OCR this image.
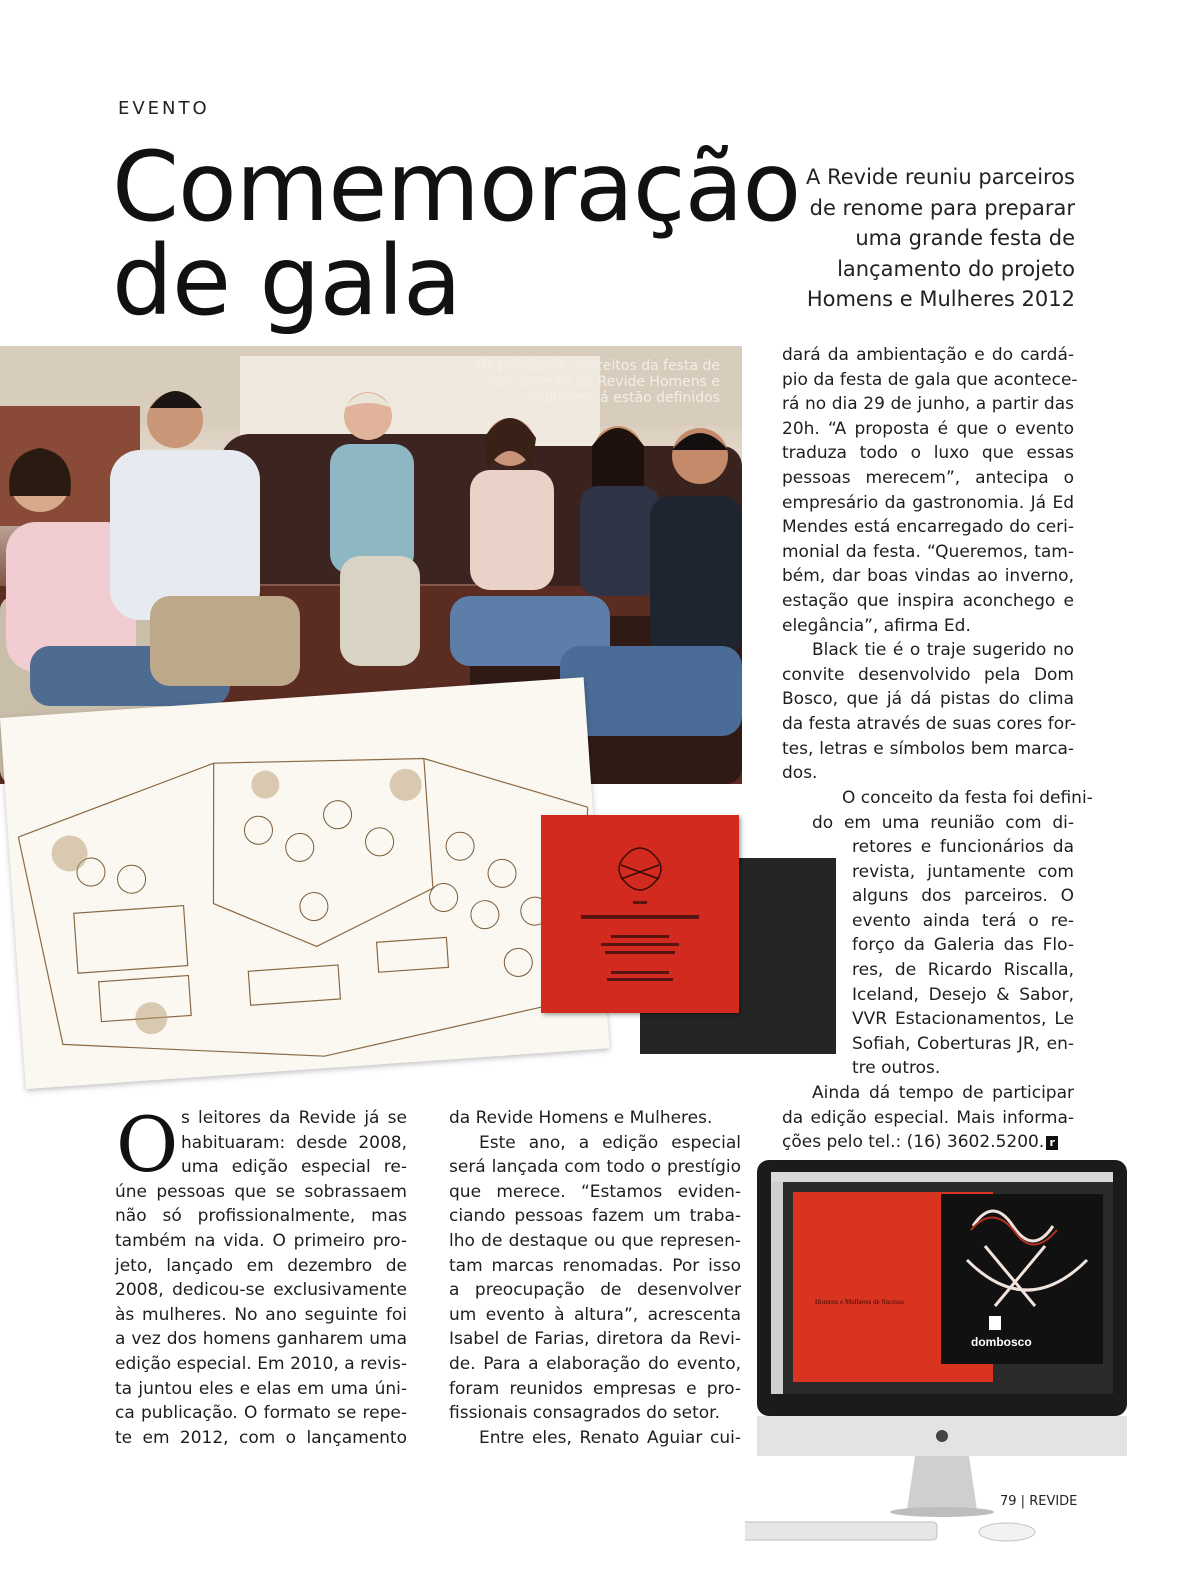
EVENTO
Comemoração
de gala
A Revide reuniu parceiros
de renome para preparar
uma grande festa de
lançamento do projeto
Homens e Mulheres 2012
Os principais conceitos da festa de
lançamento da Revide Homens e
Mulheres já estão definidos
O s leitores da Revide já se
habituaram: desde 2008,
uma edição especial re-
úne pessoas que se sobrassaem
não só profissionalmente, mas
também na vida. O primeiro pro-
jeto, lançado em dezembro de
2008, dedicou-se exclusivamente
às mulheres. No ano seguinte foi
a vez dos homens ganharem uma
edição especial. Em 2010, a revis-
ta juntou eles e elas em uma úni-
ca publicação. O formato se repe-
te em 2012, com o lançamento
da Revide Homens e Mulheres.
Este ano, a edição especial
será lançada com todo o prestígio
que merece. “Estamos eviden-
ciando pessoas fazem um traba-
lho de destaque ou que represen-
tam marcas renomadas. Por isso
a preocupação de desenvolver
um evento à altura”, acrescenta
Isabel de Farias, diretora da Revi-
de. Para a elaboração do evento,
foram reunidos empresas e pro-
fissionais consagrados do setor.
Entre eles, Renato Aguiar cui-
dará da ambientação e do cardá-
pio da festa de gala que acontece-
rá no dia 29 de junho, a partir das
20h. “A proposta é que o evento
traduza todo o luxo que essas
pessoas merecem”, antecipa o
empresário da gastronomia. Já Ed
Mendes está encarregado do ceri-
monial da festa. “Queremos, tam-
bém, dar boas vindas ao inverno,
estação que inspira aconchego e
elegância”, afirma Ed.
Black tie é o traje sugerido no
convite desenvolvido pela Dom
Bosco, que já dá pistas do clima
da festa através de suas cores for-
tes, letras e símbolos bem marca-
dos.
O conceito da festa foi defini-
do em uma reunião com di-
retores e funcionários da
revista, juntamente com
alguns dos parceiros. O
evento ainda terá o re-
forço da Galeria das Flo-
res, de Ricardo Riscalla,
Iceland, Desejo & Sabor,
VVR Estacionamentos, Le
Sofiah, Coberturas JR, en-
tre outros.
Ainda dá tempo de participar
da edição especial. Mais informa-
ções pelo tel.: (16) 3602.5200. r
dombosco
Homens e Mulheres de Sucesso
79 | REVIDE
